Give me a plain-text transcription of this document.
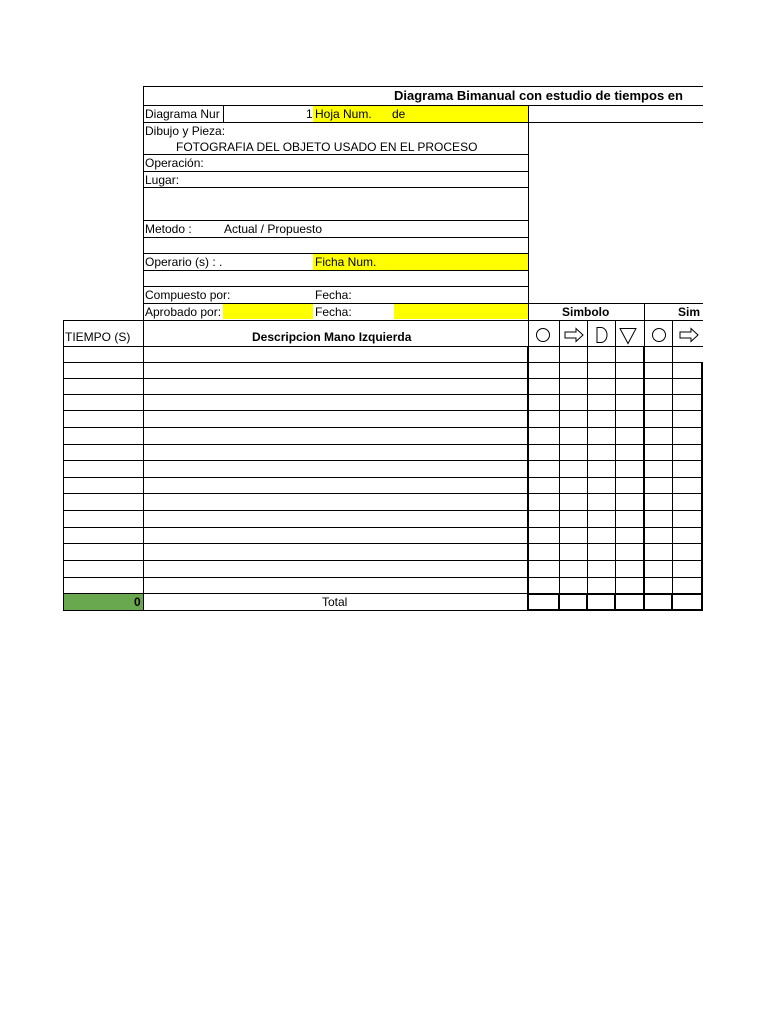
Diagrama Bimanual con estudio de tiempos en
Diagrama Nur	1 Hoja Num. de
Dibujo y Pieza:
FOTOGRAFIA DEL OBJETO USADO EN EL PROCESO
Operación:
Lugar:
Metodo :	Actual / Propuesto
Operario (s) : .	Ficha Num.
Compuesto por:	Fecha:
Aprobado por:	Fecha:	Simbolo	Sim
TIEMPO (S)	Descripcion Mano Izquierda
0	Total
